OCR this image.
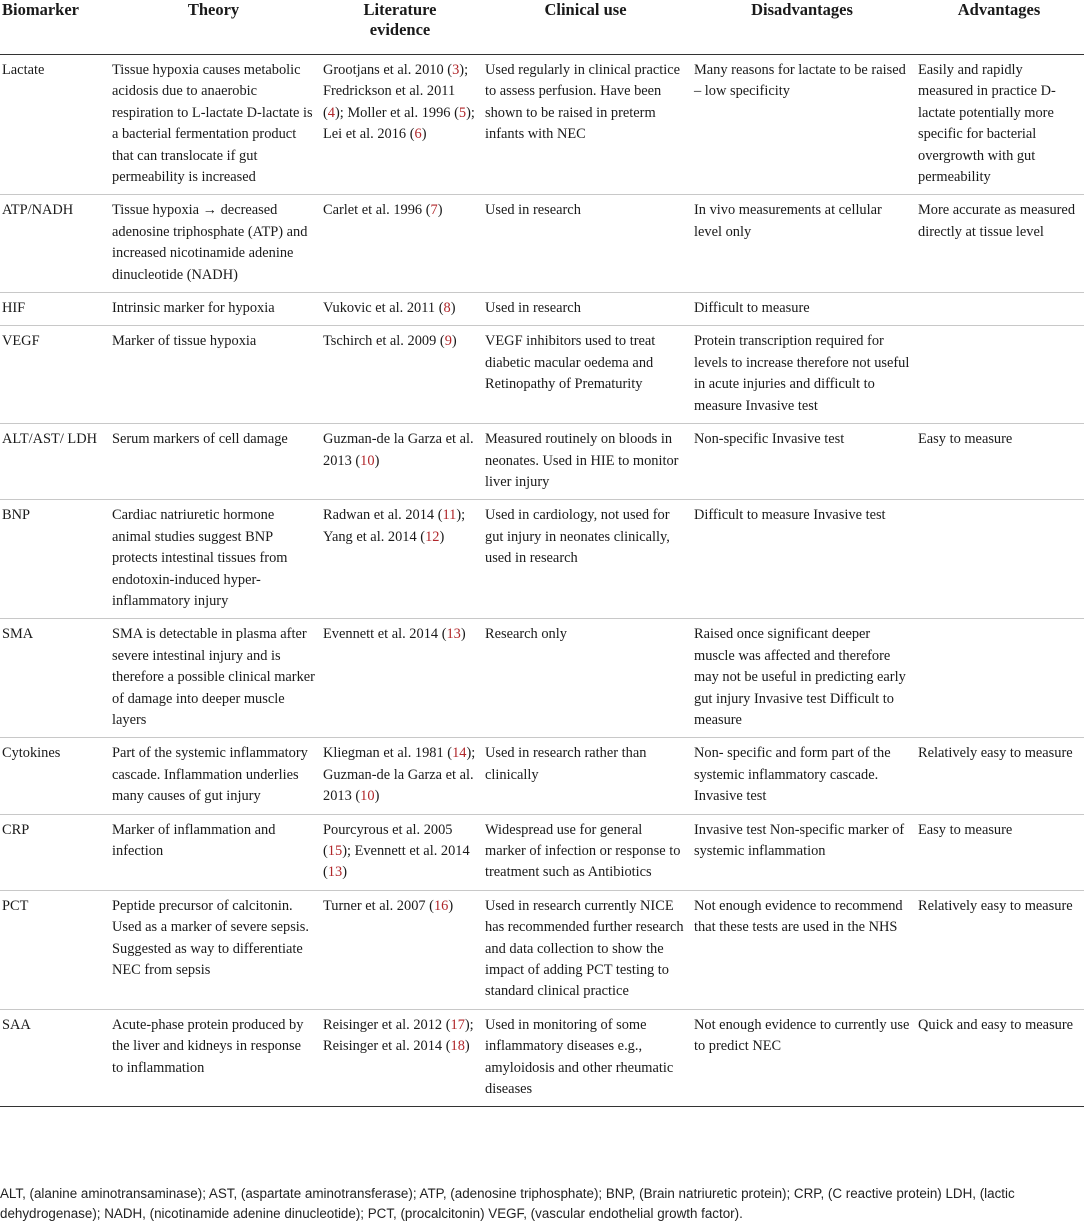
Biomarker	Theory	Literature evidence	Clinical use	Disadvantages	Advantages
Lactate	Tissue hypoxia causes metabolic acidosis due to anaerobic respiration to L-lactate D-lactate is a bacterial fermentation product that can translocate if gut permeability is increased	Grootjans et al. 2010 (3); Fredrickson et al. 2011 (4); Moller et al. 1996 (5); Lei et al. 2016 (6)	Used regularly in clinical practice to assess perfusion. Have been shown to be raised in preterm infants with NEC	Many reasons for lactate to be raised – low specificity	Easily and rapidly measured in practice D-lactate potentially more specific for bacterial overgrowth with gut permeability
ATP/NADH	Tissue hypoxia → decreased adenosine triphosphate (ATP) and increased nicotinamide adenine dinucleotide (NADH)	Carlet et al. 1996 (7)	Used in research	In vivo measurements at cellular level only	More accurate as measured directly at tissue level
HIF	Intrinsic marker for hypoxia	Vukovic et al. 2011 (8)	Used in research	Difficult to measure	
VEGF	Marker of tissue hypoxia	Tschirch et al. 2009 (9)	VEGF inhibitors used to treat diabetic macular oedema and Retinopathy of Prematurity	Protein transcription required for levels to increase therefore not useful in acute injuries and difficult to measure Invasive test	
ALT/AST/ LDH	Serum markers of cell damage	Guzman-de la Garza et al. 2013 (10)	Measured routinely on bloods in neonates. Used in HIE to monitor liver injury	Non-specific Invasive test	Easy to measure
BNP	Cardiac natriuretic hormone animal studies suggest BNP protects intestinal tissues from endotoxin-induced hyper-inflammatory injury	Radwan et al. 2014 (11); Yang et al. 2014 (12)	Used in cardiology, not used for gut injury in neonates clinically, used in research	Difficult to measure Invasive test	
SMA	SMA is detectable in plasma after severe intestinal injury and is therefore a possible clinical marker of damage into deeper muscle layers	Evennett et al. 2014 (13)	Research only	Raised once significant deeper muscle was affected and therefore may not be useful in predicting early gut injury Invasive test Difficult to measure	
Cytokines	Part of the systemic inflammatory cascade. Inflammation underlies many causes of gut injury	Kliegman et al. 1981 (14); Guzman-de la Garza et al. 2013 (10)	Used in research rather than clinically	Non- specific and form part of the systemic inflammatory cascade. Invasive test	Relatively easy to measure
CRP	Marker of inflammation and infection	Pourcyrous et al. 2005 (15); Evennett et al. 2014 (13)	Widespread use for general marker of infection or response to treatment such as Antibiotics	Invasive test Non-specific marker of systemic inflammation	Easy to measure
PCT	Peptide precursor of calcitonin. Used as a marker of severe sepsis. Suggested as way to differentiate NEC from sepsis	Turner et al. 2007 (16)	Used in research currently NICE has recommended further research and data collection to show the impact of adding PCT testing to standard clinical practice	Not enough evidence to recommend that these tests are used in the NHS	Relatively easy to measure
SAA	Acute-phase protein produced by the liver and kidneys in response to inflammation	Reisinger et al. 2012 (17); Reisinger et al. 2014 (18)	Used in monitoring of some inflammatory diseases e.g., amyloidosis and other rheumatic diseases	Not enough evidence to currently use to predict NEC	Quick and easy to measure

ALT, (alanine aminotransaminase); AST, (aspartate aminotransferase); ATP, (adenosine triphosphate); BNP, (Brain natriuretic protein); CRP, (C reactive protein) LDH, (lactic dehydrogenase); NADH, (nicotinamide adenine dinucleotide); PCT, (procalcitonin) VEGF, (vascular endothelial growth factor).
